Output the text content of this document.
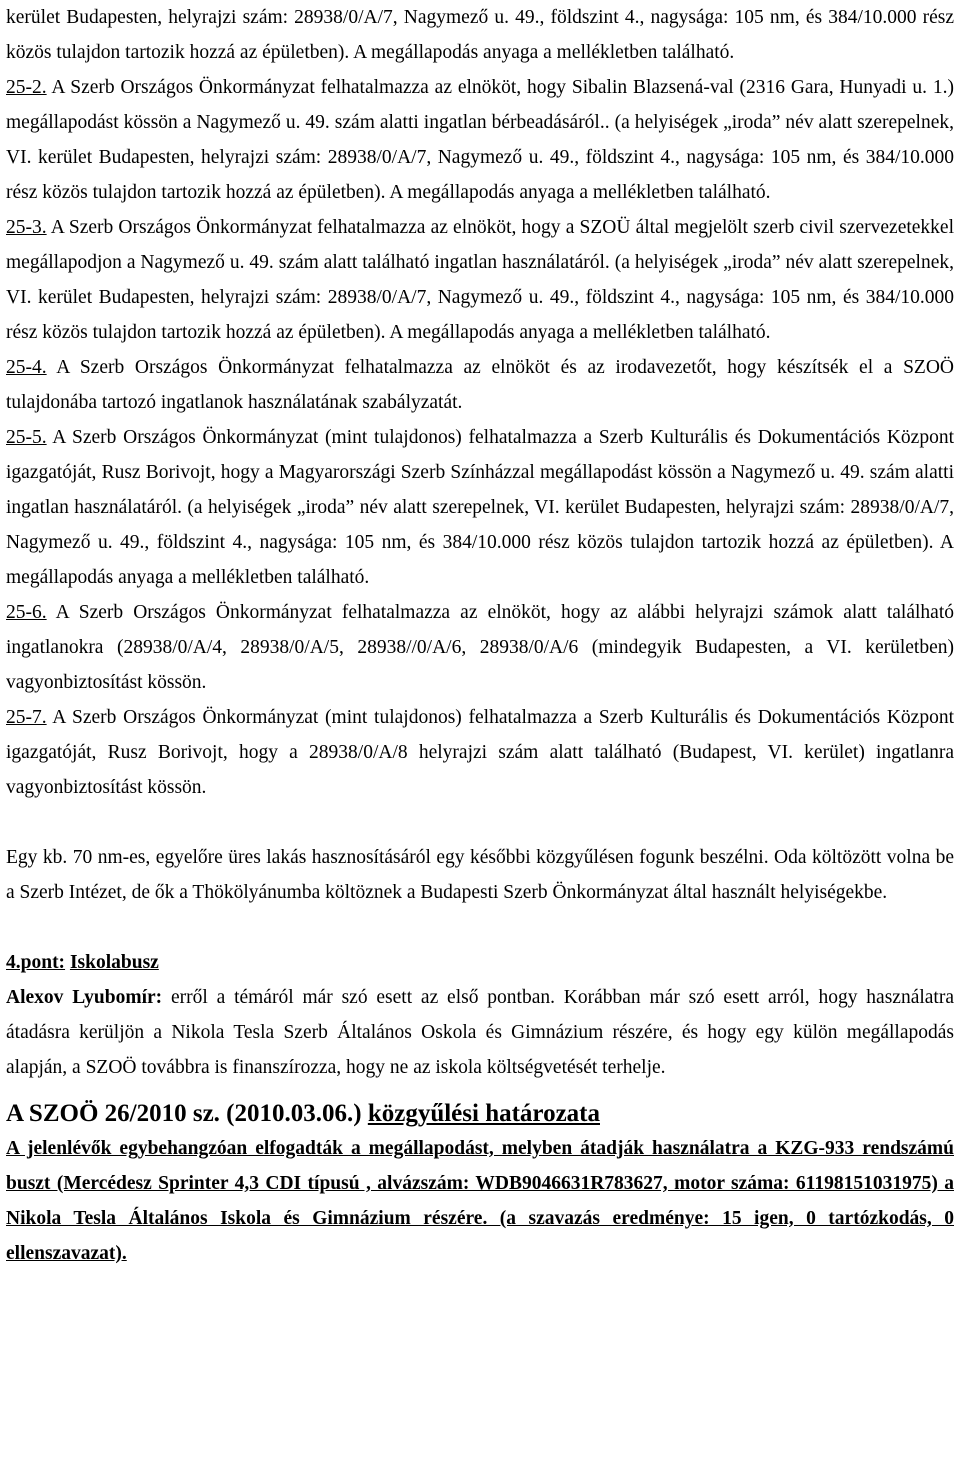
kerület Budapesten, helyrajzi szám: 28938/0/A/7, Nagymező u. 49., földszint 4., nagysága: 105 nm, és 384/10.000 rész közös tulajdon tartozik hozzá az épületben). A megállapodás anyaga a mellékletben található.

25-2. A Szerb Országos Önkormányzat felhatalmazza az elnököt, hogy Sibalin Blazsená-val (2316 Gara, Hunyadi u. 1.) megállapodást kössön a Nagymező u. 49. szám alatti ingatlan bérbeadásáról.. (a helyiségek „iroda” név alatt szerepelnek, VI. kerület Budapesten, helyrajzi szám: 28938/0/A/7, Nagymező u. 49., földszint 4., nagysága: 105 nm, és 384/10.000 rész közös tulajdon tartozik hozzá az épületben). A megállapodás anyaga a mellékletben található.

25-3. A Szerb Országos Önkormányzat felhatalmazza az elnököt, hogy a SZOÜ által megjelölt szerb civil szervezetekkel megállapodjon a Nagymező u. 49. szám alatt található ingatlan használatáról. (a helyiségek „iroda” név alatt szerepelnek, VI. kerület Budapesten, helyrajzi szám: 28938/0/A/7, Nagymező u. 49., földszint 4., nagysága: 105 nm, és 384/10.000 rész közös tulajdon tartozik hozzá az épületben). A megállapodás anyaga a mellékletben található.

25-4. A Szerb Országos Önkormányzat felhatalmazza az elnököt és az irodavezetőt, hogy készítsék el a SZOÖ tulajdonába tartozó ingatlanok használatának szabályzatát.

25-5. A Szerb Országos Önkormányzat (mint tulajdonos) felhatalmazza a Szerb Kulturális és Dokumentációs Központ igazgatóját, Rusz Borivojt, hogy a Magyarországi Szerb Színházzal megállapodást kössön a Nagymező u. 49. szám alatti ingatlan használatáról. (a helyiségek „iroda” név alatt szerepelnek, VI. kerület Budapesten, helyrajzi szám: 28938/0/A/7, Nagymező u. 49., földszint 4., nagysága: 105 nm, és 384/10.000 rész közös tulajdon tartozik hozzá az épületben). A megállapodás anyaga a mellékletben található.

25-6. A Szerb Országos Önkormányzat felhatalmazza az elnököt, hogy az alábbi helyrajzi számok alatt található ingatlanokra (28938/0/A/4, 28938/0/A/5, 28938//0/A/6, 28938/0/A/6 (mindegyik Budapesten, a VI. kerületben) vagyonbiztosítást kössön.

25-7. A Szerb Országos Önkormányzat (mint tulajdonos) felhatalmazza a Szerb Kulturális és Dokumentációs Központ igazgatóját, Rusz Borivojt, hogy a 28938/0/A/8 helyrajzi szám alatt található (Budapest, VI. kerület) ingatlanra vagyonbiztosítást kössön.

Egy kb. 70 nm-es, egyelőre üres lakás hasznosításáról egy későbbi közgyűlésen fogunk beszélni. Oda költözött volna be a Szerb Intézet, de ők a Thökölyánumba költöznek a Budapesti Szerb Önkormányzat által használt helyiségekbe.

4.pont: Iskolabusz

Alexov Lyubomír: erről a témáról már szó esett az első pontban. Korábban már szó esett arról, hogy használatra átadásra kerüljön a Nikola Tesla Szerb Általános Oskola és Gimnázium részére, és hogy egy külön megállapodás alapján, a SZOÖ továbbra is finanszírozza, hogy ne az iskola költségvetését terhelje.

A SZOÖ 26/2010 sz. (2010.03.06.) közgyűlési határozata

A jelenlévők egybehangzóan elfogadták a megállapodást, melyben átadják használatra a KZG-933 rendszámú buszt (Mercédesz Sprinter 4,3 CDI típusú , alvázszám: WDB9046631R783627, motor száma: 61198151031975) a Nikola Tesla Általános Iskola és Gimnázium részére. (a szavazás eredménye: 15 igen, 0 tartózkodás, 0 ellenszavazat).
